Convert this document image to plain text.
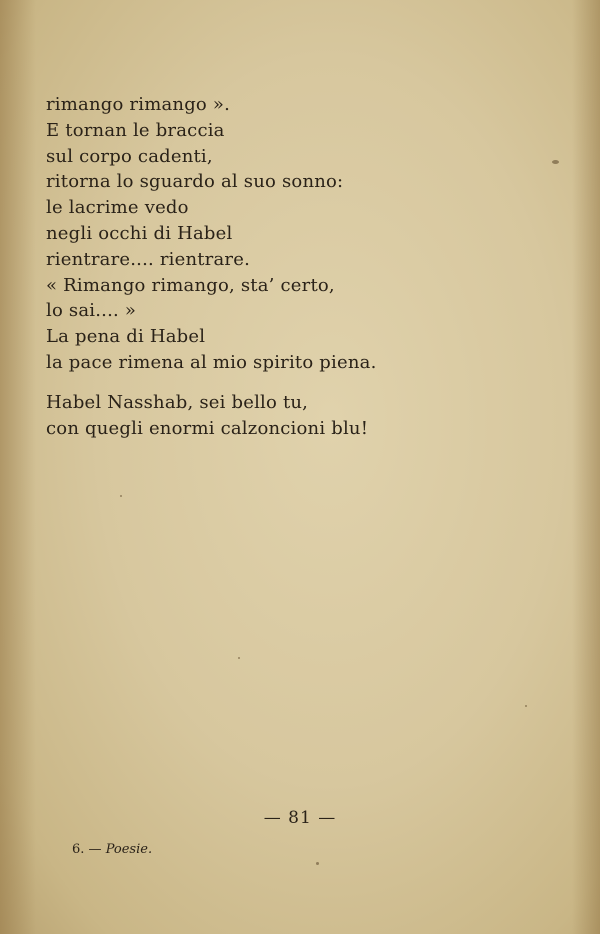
rimango rimango ».
E tornan le braccia
sul corpo cadenti,
ritorna lo sguardo al suo sonno:
le lacrime vedo
negli occhi di Habel
rientrare.... rientrare.
« Rimango rimango, sta’ certo,
lo sai.... »
La pena di Habel
la pace rimena al mio spirito piena.
Habel Nasshab, sei bello tu,
con quegli enormi calzoncioni blu!
— 81 —
6. — Poesie.
